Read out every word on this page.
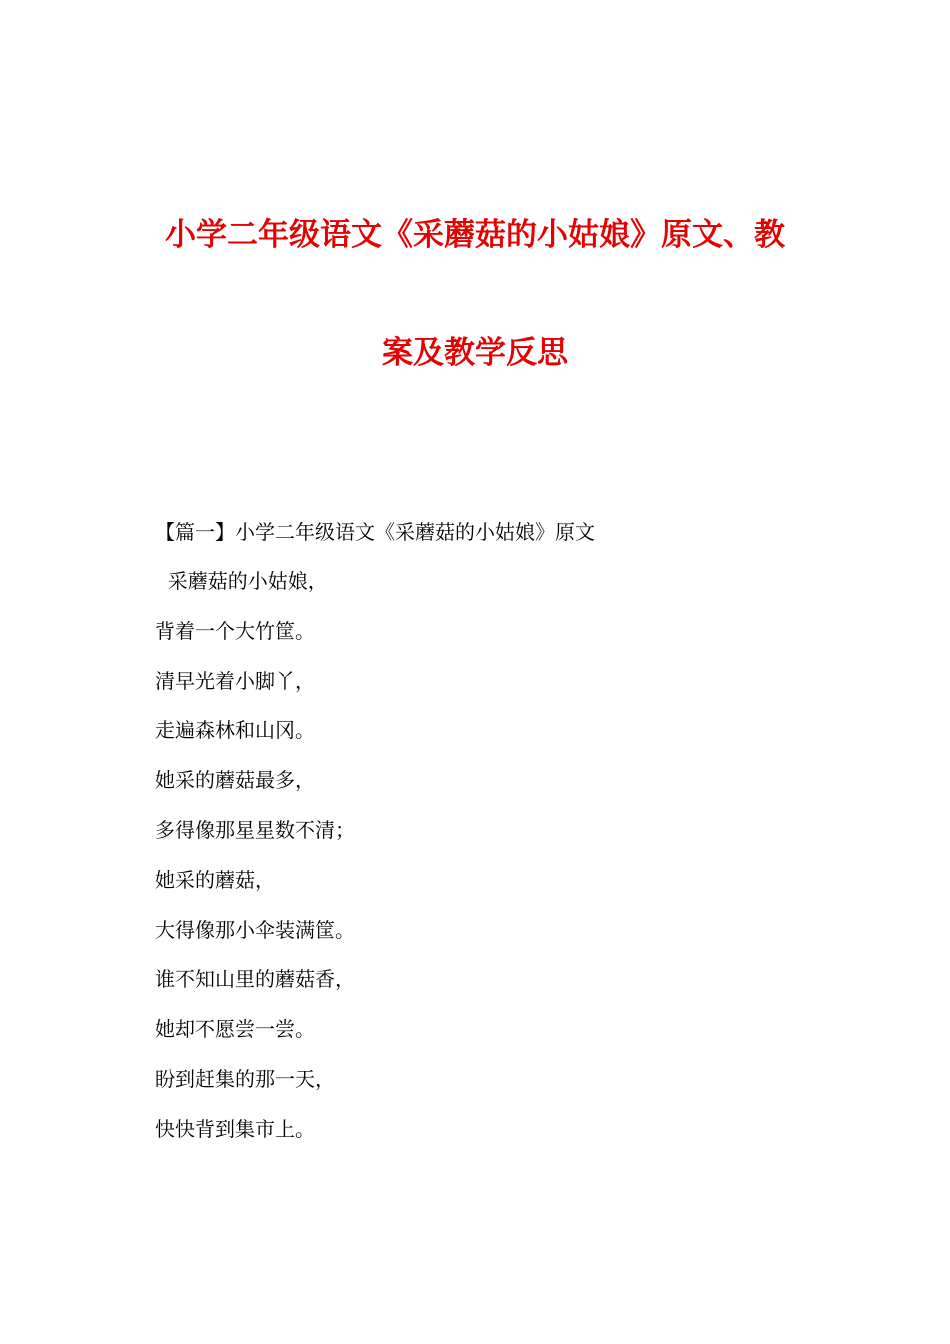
小学二年级语文《采蘑菇的小姑娘》原文、教
案及教学反思
【篇一】小学二年级语文《采蘑菇的小姑娘》原文
采蘑菇的小姑娘，
背着一个大竹筐。
清早光着小脚丫，
走遍森林和山冈。
她采的蘑菇最多，
多得像那星星数不清；
她采的蘑菇，
大得像那小伞装满筐。
谁不知山里的蘑菇香，
她却不愿尝一尝。
盼到赶集的那一天，
快快背到集市上。
